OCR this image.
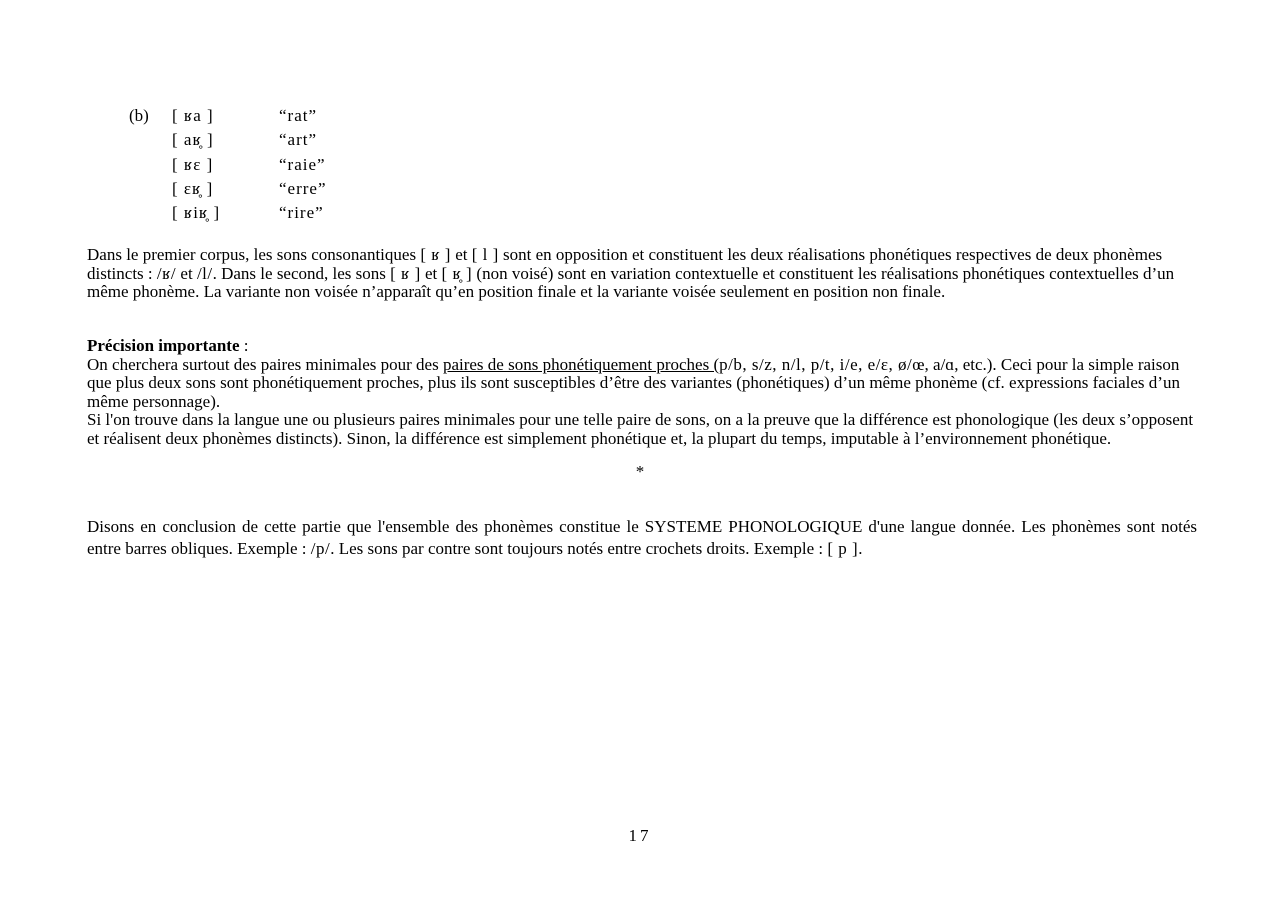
(b) [ ʁa ]	“rat”
[ aʁ̥ ]	“art”
[ ʁɛ ]	“raie”
[ ɛʁ̥ ]	“erre”
[ ʁiʁ̥ ]	“rire”

Dans le premier corpus, les sons consonantiques [ ʁ ] et [ l ] sont en opposition et constituent les deux réalisations phonétiques respectives de deux phonèmes distincts : /ʁ/ et /l/. Dans le second, les sons [ ʁ ] et [ ʁ̥ ] (non voisé) sont en variation contextuelle et constituent les réalisations phonétiques contextuelles d’un même phonème. La variante non voisée n’apparaît qu’en position finale et la variante voisée seulement en position non finale.

Précision importante :
On cherchera surtout des paires minimales pour des paires de sons phonétiquement proches (p/b, s/z, n/l, p/t, i/e, e/ɛ, ø/œ, a/ɑ, etc.). Ceci pour la simple raison que plus deux sons sont phonétiquement proches, plus ils sont susceptibles d’être des variantes (phonétiques) d’un même phonème (cf. expressions faciales d’un même personnage).
Si l'on trouve dans la langue une ou plusieurs paires minimales pour une telle paire de sons, on a la preuve que la différence est phonologique (les deux s’opposent et réalisent deux phonèmes distincts). Sinon, la différence est simplement phonétique et, la plupart du temps, imputable à l’environnement phonétique.
*

Disons en conclusion de cette partie que l'ensemble des phonèmes constitue le SYSTEME PHONOLOGIQUE d'une langue donnée. Les phonèmes sont notés entre barres obliques. Exemple : /p/. Les sons par contre sont toujours notés entre crochets droits. Exemple : [ p ].

17
